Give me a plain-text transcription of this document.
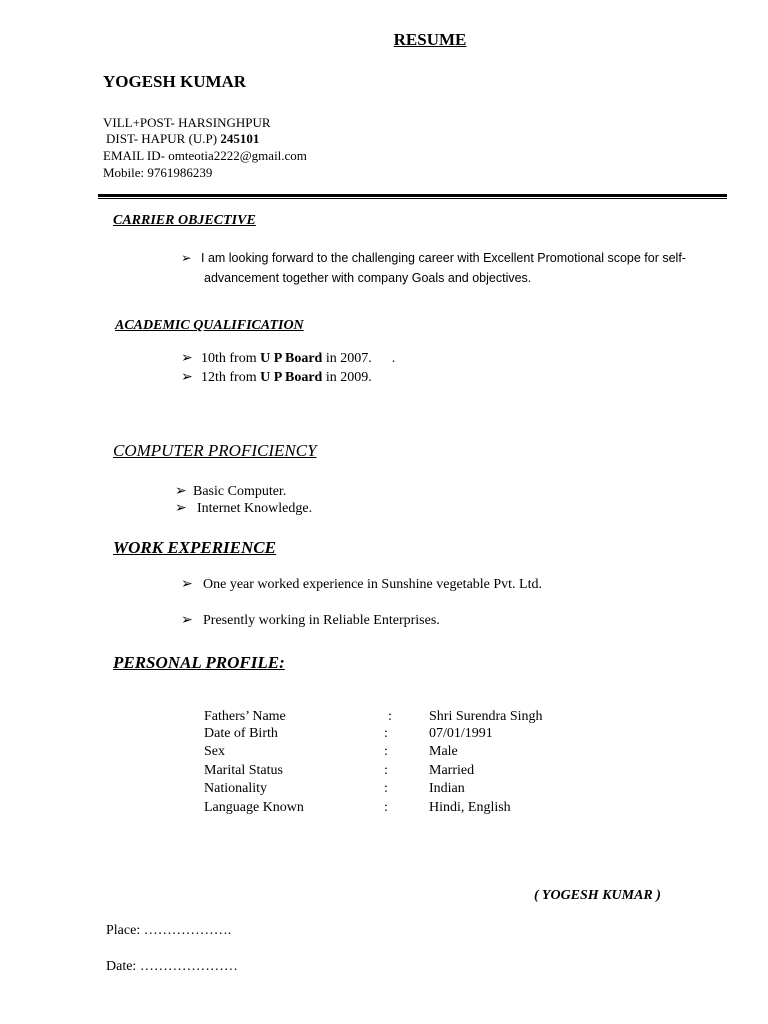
RESUME
YOGESH KUMAR
VILL+POST- HARSINGHPUR
DIST- HAPUR (U.P) 245101
EMAIL ID- omteotia2222@gmail.com
Mobile: 9761986239
CARRIER OBJECTIVE
➢ I am looking forward to the challenging career with Excellent Promotional scope for self-
advancement together with company Goals and objectives.
ACADEMIC QUALIFICATION
➢ 10th from U P Board in 2007. .
➢ 12th from U P Board in 2009.
COMPUTER PROFICIENCY
➢ Basic Computer.
➢ Internet Knowledge.
WORK EXPERIENCE
➢ One year worked experience in Sunshine vegetable Pvt. Ltd.
➢ Presently working in Reliable Enterprises.
PERSONAL PROFILE:
Fathers’ Name	:	Shri Surendra Singh
Date of Birth	:	07/01/1991
Sex	:	Male
Marital Status	:	Married
Nationality	:	Indian
Language Known	:	Hindi, English
( YOGESH KUMAR )
Place: ……………….
Date: …………………
